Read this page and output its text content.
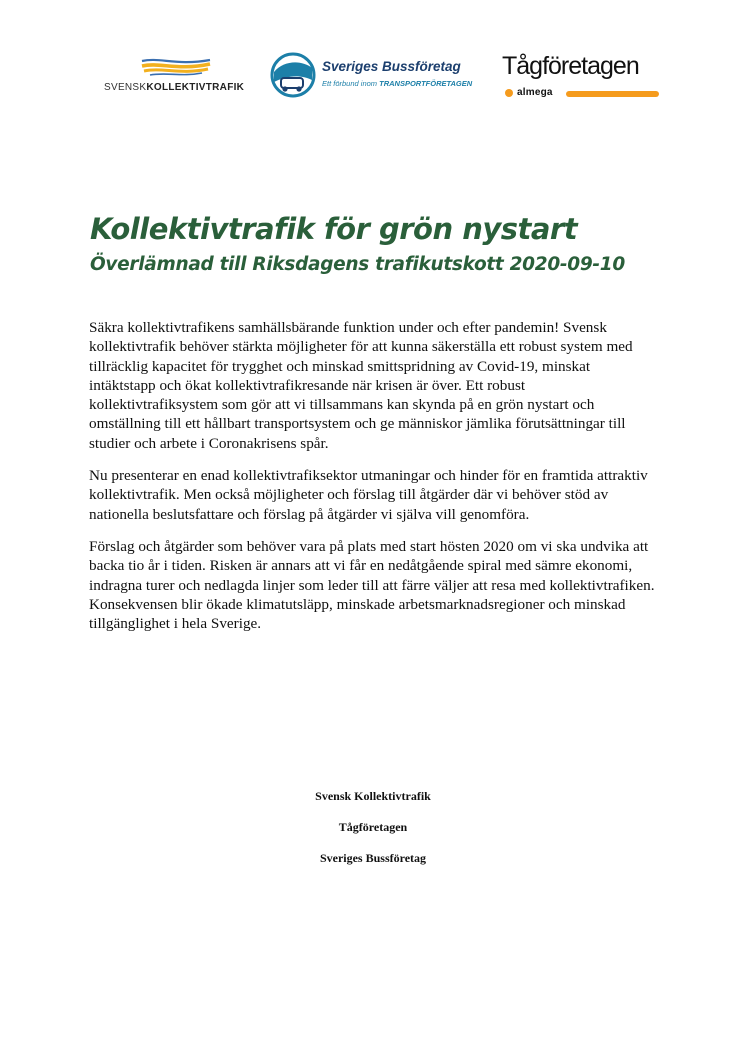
SVENSKKOLLEKTIVTRAFIK
Sveriges Bussföretag
Ett förbund inom TRANSPORTFÖRETAGEN
Tågföretagen
almega
Kollektivtrafik för grön nystart
Överlämnad till Riksdagens trafikutskott 2020-09-10

Säkra kollektivtrafikens samhällsbärande funktion under och efter pandemin! Svensk kollektivtrafik behöver stärkta möjligheter för att kunna säkerställa ett robust system med tillräcklig kapacitet för trygghet och minskad smittspridning av Covid-19, minskat intäktstapp och ökat kollektivtrafikresande när krisen är över. Ett robust kollektivtrafiksystem som gör att vi tillsammans kan skynda på en grön nystart och omställning till ett hållbart transportsystem och ge människor jämlika förutsättningar till studier och arbete i Coronakrisens spår.

Nu presenterar en enad kollektivtrafiksektor utmaningar och hinder för en framtida attraktiv kollektivtrafik. Men också möjligheter och förslag till åtgärder där vi behöver stöd av nationella beslutsfattare och förslag på åtgärder vi själva vill genomföra.

Förslag och åtgärder som behöver vara på plats med start hösten 2020 om vi ska undvika att backa tio år i tiden. Risken är annars att vi får en nedåtgående spiral med sämre ekonomi, indragna turer och nedlagda linjer som leder till att färre väljer att resa med kollektivtrafiken. Konsekvensen blir ökade klimatutsläpp, minskade arbetsmarknadsregioner och minskad tillgänglighet i hela Sverige.

Svensk Kollektivtrafik
Tågföretagen
Sveriges Bussföretag
